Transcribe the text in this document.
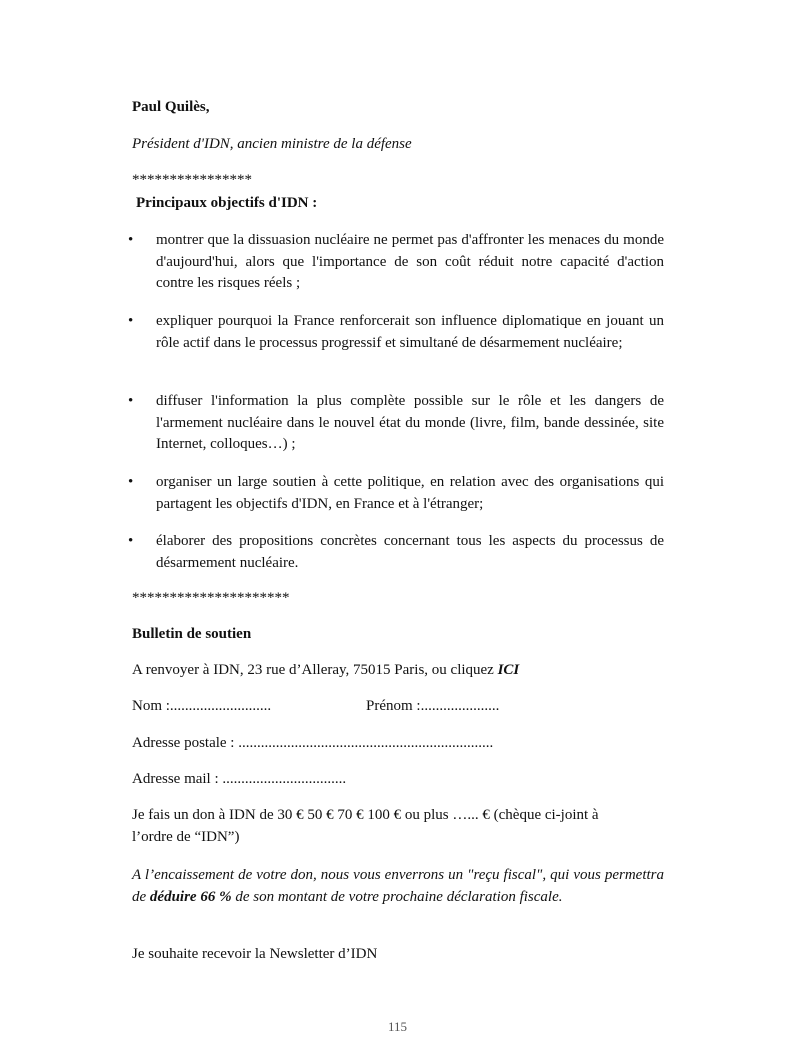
Paul Quilès,
Président d'IDN, ancien ministre de la défense
****************
Principaux objectifs d'IDN :
• montrer que la dissuasion nucléaire ne permet pas d'affronter les menaces du monde d'aujourd'hui, alors que l'importance de son coût réduit notre capacité d'action contre les risques réels ;
• expliquer pourquoi la France renforcerait son influence diplomatique en jouant un rôle actif dans le processus progressif et simultané de désarmement nucléaire;
• diffuser l'information la plus complète possible sur le rôle et les dangers de l'armement nucléaire dans le nouvel état du monde (livre, film, bande dessinée, site Internet, colloques…) ;
• organiser un large soutien à cette politique, en relation avec des organisations qui partagent les objectifs d'IDN, en France et à l'étranger;
• élaborer des propositions concrètes concernant tous les aspects du processus de désarmement nucléaire.
*********************
Bulletin de soutien
A renvoyer à IDN, 23 rue d’Alleray, 75015 Paris, ou cliquez ICI
Nom :...........................	Prénom :.....................
Adresse postale : ....................................................................
Adresse mail : .................................
Je fais un don à IDN de 30 € 50 € 70 € 100 € ou plus …... € (chèque ci-joint à
l’ordre de “IDN”)
A l’encaissement de votre don, nous vous enverrons un "reçu fiscal", qui vous permettra de déduire 66 % de son montant de votre prochaine déclaration fiscale.
Je souhaite recevoir la Newsletter d’IDN
115
